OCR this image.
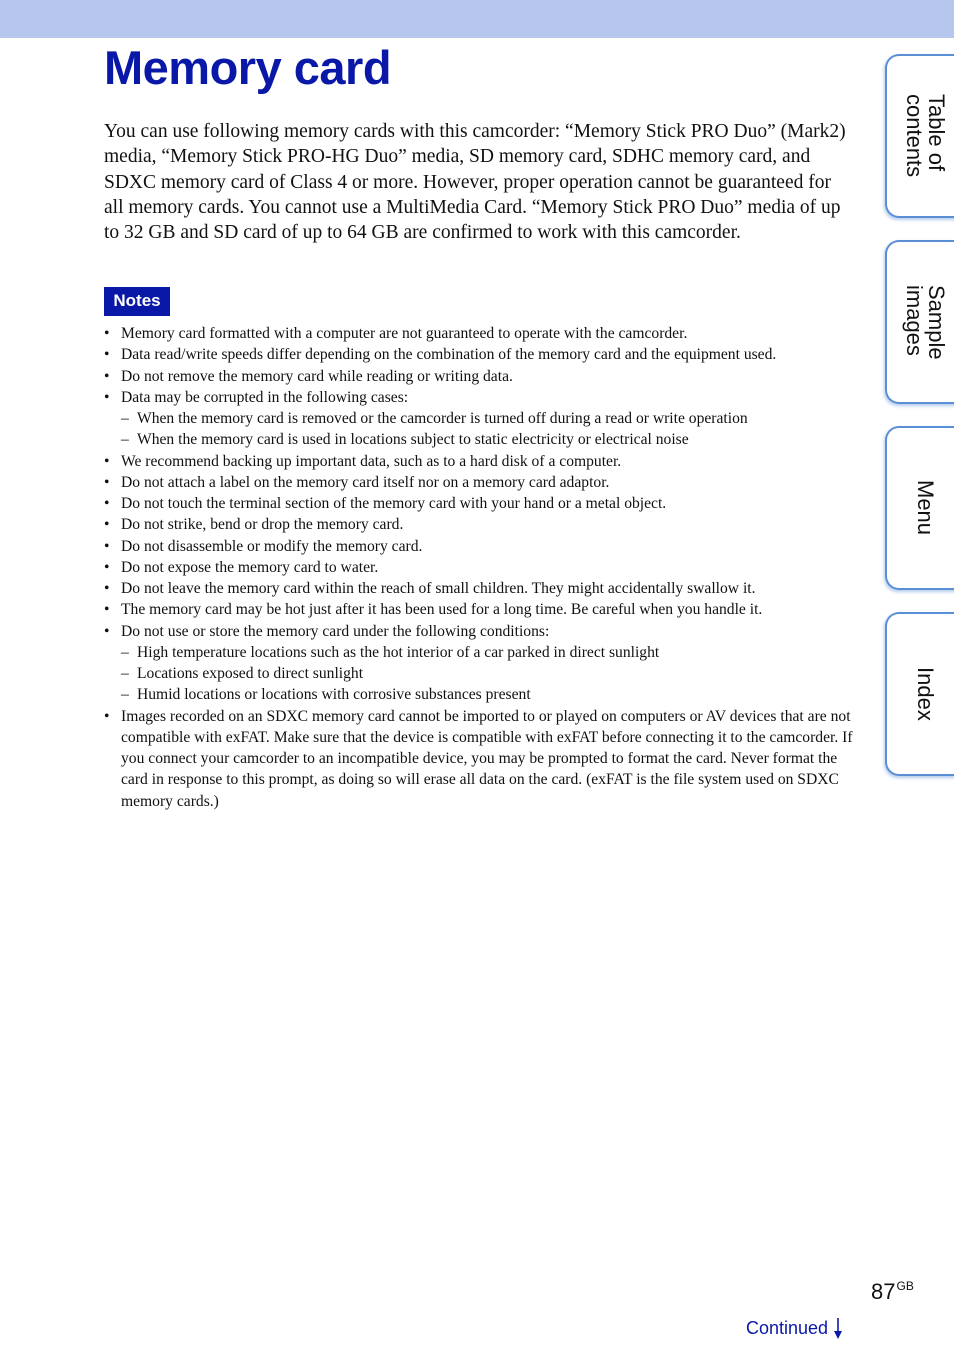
Memory card

You can use following memory cards with this camcorder: “Memory Stick PRO Duo” (Mark2) media, “Memory Stick PRO-HG Duo” media, SD memory card, SDHC memory card, and SDXC memory card of Class 4 or more. However, proper operation cannot be guaranteed for all memory cards. You cannot use a MultiMedia Card. “Memory Stick PRO Duo” media of up to 32 GB and SD card of up to 64 GB are confirmed to work with this camcorder.

Notes
• Memory card formatted with a computer are not guaranteed to operate with the camcorder.
• Data read/write speeds differ depending on the combination of the memory card and the equipment used.
• Do not remove the memory card while reading or writing data.
• Data may be corrupted in the following cases:
– When the memory card is removed or the camcorder is turned off during a read or write operation
– When the memory card is used in locations subject to static electricity or electrical noise
• We recommend backing up important data, such as to a hard disk of a computer.
• Do not attach a label on the memory card itself nor on a memory card adaptor.
• Do not touch the terminal section of the memory card with your hand or a metal object.
• Do not strike, bend or drop the memory card.
• Do not disassemble or modify the memory card.
• Do not expose the memory card to water.
• Do not leave the memory card within the reach of small children. They might accidentally swallow it.
• The memory card may be hot just after it has been used for a long time. Be careful when you handle it.
• Do not use or store the memory card under the following conditions:
– High temperature locations such as the hot interior of a car parked in direct sunlight
– Locations exposed to direct sunlight
– Humid locations or locations with corrosive substances present
• Images recorded on an SDXC memory card cannot be imported to or played on computers or AV devices that are not compatible with exFAT. Make sure that the device is compatible with exFAT before connecting it to the camcorder. If you connect your camcorder to an incompatible device, you may be prompted to format the card. Never format the card in response to this prompt, as doing so will erase all data on the card. (exFAT is the file system used on SDXC memory cards.)
Table of
contents
Sample
images
Menu
Index
$87^{GB}$
Continued
